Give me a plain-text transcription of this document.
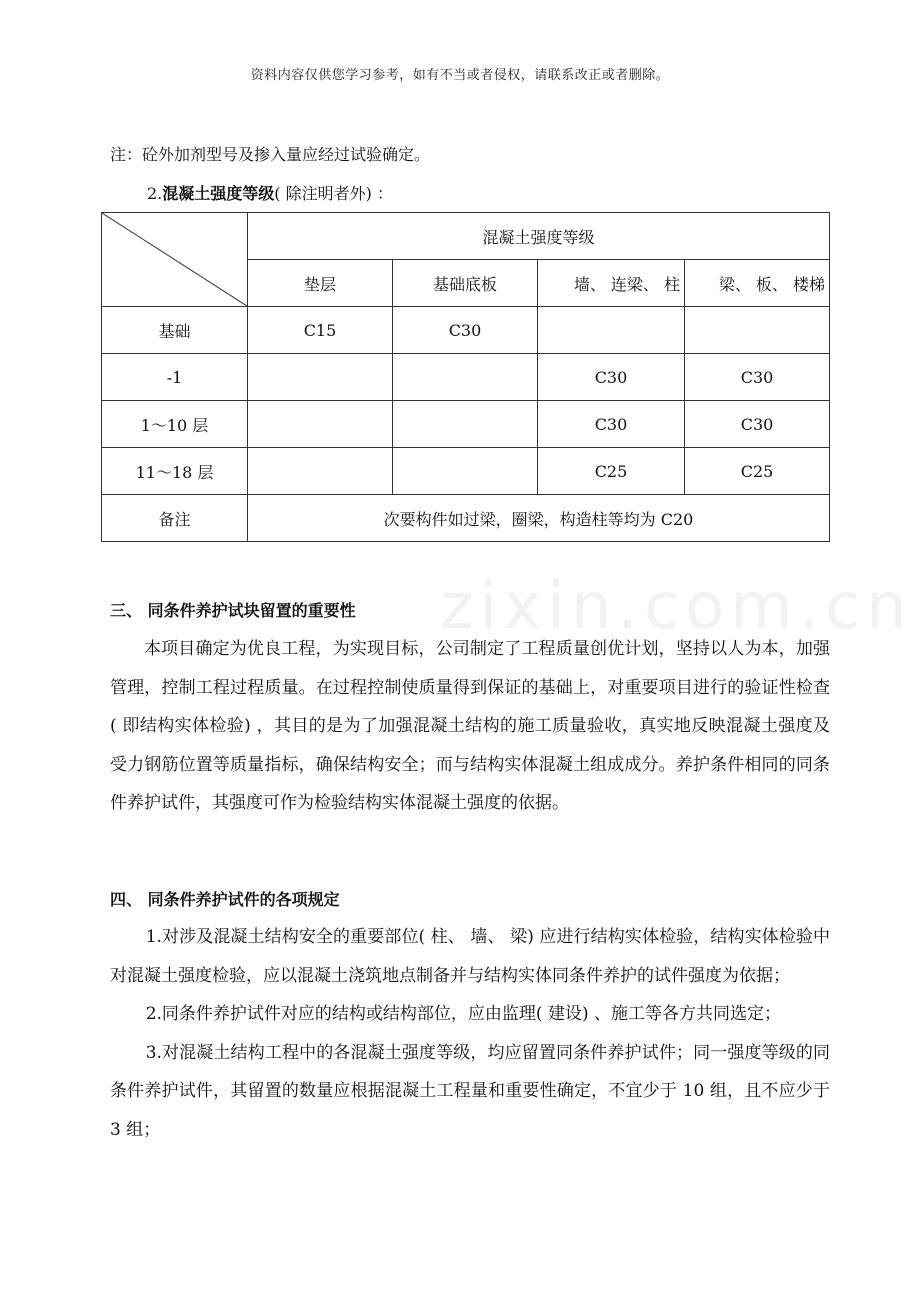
资料内容仅供您学习参考，如有不当或者侵权，请联系改正或者删除。
注：砼外加剂型号及掺入量应经过试验确定。
2.混凝土强度等级( 除注明者外) ：
	混凝土强度等级			
	垫层	基础底板	墙、 连梁、 柱	梁、 板、 楼梯
基础	C15	C30		
-1			C30	C30
1～10 层			C30	C30
11～18 层			C25	C25
备注	次要构件如过梁，圈梁，构造柱等均为 C20			
zixin.com.cn
三、 同条件养护试块留置的重要性

本项目确定为优良工程，为实现目标，公司制定了工程质量创优计划，坚持以人为本，加强管理，控制工程过程质量。在过程控制使质量得到保证的基础上，对重要项目进行的验证性检查( 即结构实体检验) ，其目的是为了加强混凝土结构的施工质量验收，真实地反映混凝土强度及受力钢筋位置等质量指标，确保结构安全；而与结构实体混凝土组成成分。养护条件相同的同条件养护试件，其强度可作为检验结构实体混凝土强度的依据。

四、 同条件养护试件的各项规定

1.对涉及混凝土结构安全的重要部位( 柱、 墙、 梁) 应进行结构实体检验，结构实体检验中对混凝土强度检验，应以混凝土浇筑地点制备并与结构实体同条件养护的试件强度为依据；

2.同条件养护试件对应的结构或结构部位，应由监理( 建设) 、施工等各方共同选定；

3.对混凝土结构工程中的各混凝土强度等级，均应留置同条件养护试件；同一强度等级的同条件养护试件，其留置的数量应根据混凝土工程量和重要性确定，不宜少于 10 组，且不应少于 3 组；
